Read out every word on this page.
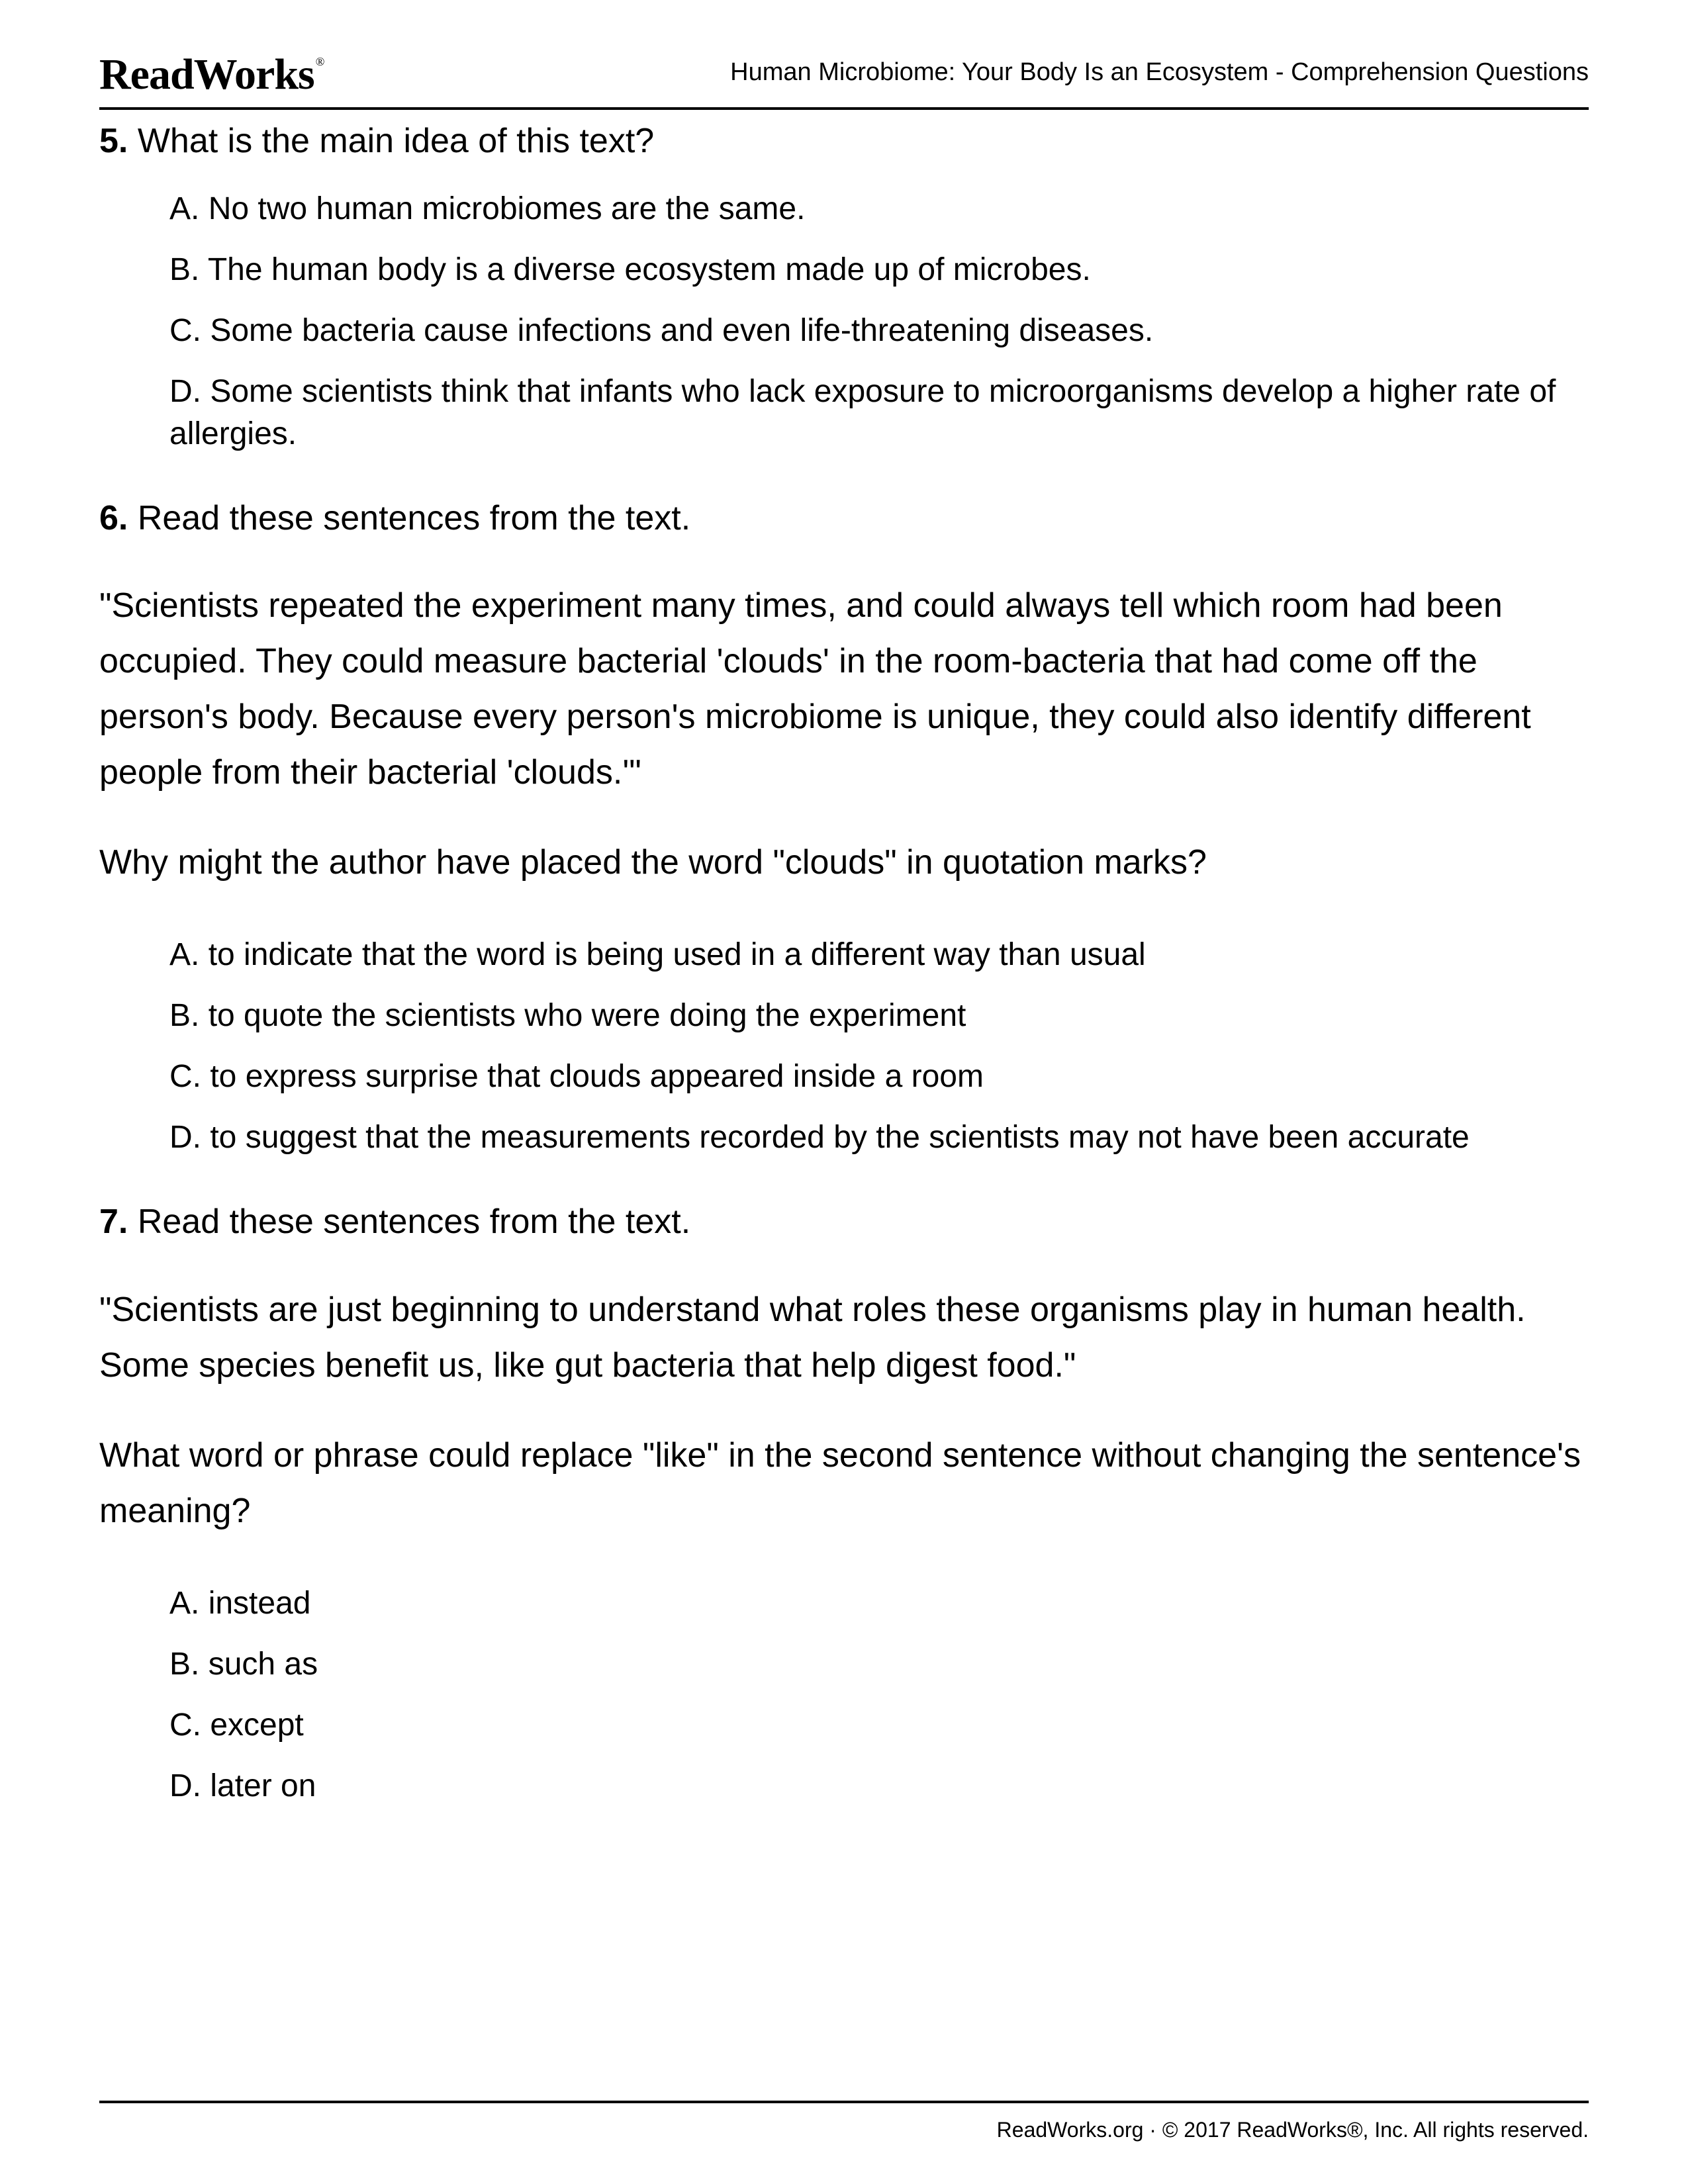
ReadWorks ®	Human Microbiome: Your Body Is an Ecosystem - Comprehension Questions

5. What is the main idea of this text?

A. No two human microbiomes are the same.
B. The human body is a diverse ecosystem made up of microbes.
C. Some bacteria cause infections and even life-threatening diseases.
D. Some scientists think that infants who lack exposure to microorganisms develop a higher rate of allergies.

6. Read these sentences from the text.

"Scientists repeated the experiment many times, and could always tell which room had been occupied. They could measure bacterial 'clouds' in the room-bacteria that had come off the person's body. Because every person's microbiome is unique, they could also identify different people from their bacterial 'clouds.'"

Why might the author have placed the word "clouds" in quotation marks?

A. to indicate that the word is being used in a different way than usual
B. to quote the scientists who were doing the experiment
C. to express surprise that clouds appeared inside a room
D. to suggest that the measurements recorded by the scientists may not have been accurate

7. Read these sentences from the text.

"Scientists are just beginning to understand what roles these organisms play in human health. Some species benefit us, like gut bacteria that help digest food."

What word or phrase could replace "like" in the second sentence without changing the sentence's meaning?

A. instead
B. such as
C. except
D. later on
ReadWorks.org · © 2017 ReadWorks®, Inc. All rights reserved.
